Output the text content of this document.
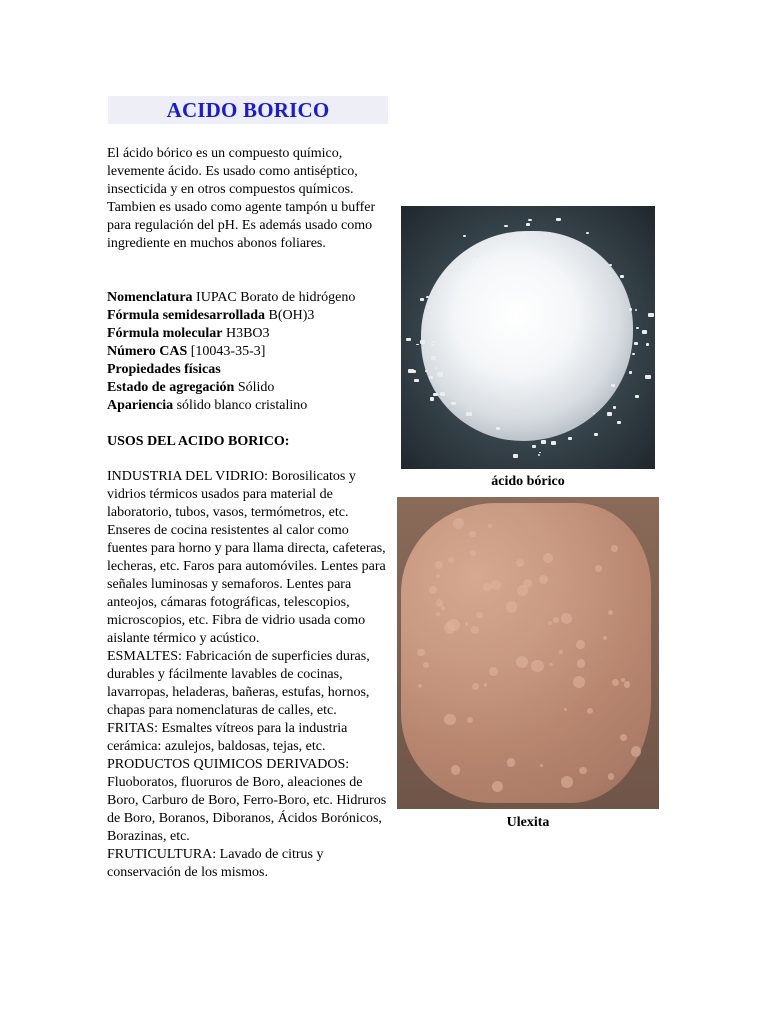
ACIDO BORICO

El ácido bórico es un compuesto químico, levemente ácido. Es usado como antiséptico, insecticida y en otros compuestos químicos. Tambien es usado como agente tampón u buffer para regulación del pH. Es además usado como ingrediente en muchos abonos foliares.

Nomenclatura IUPAC Borato de hidrógeno
Fórmula semidesarrollada B(OH)3
Fórmula molecular H3BO3
Número CAS [10043-35-3]
Propiedades físicas
Estado de agregación Sólido
Apariencia sólido blanco cristalino

USOS DEL ACIDO BORICO:

INDUSTRIA DEL VIDRIO: Borosilicatos y vidrios térmicos usados para material de laboratorio, tubos, vasos, termómetros, etc. Enseres de cocina resistentes al calor como fuentes para horno y para llama directa, cafeteras, lecheras, etc. Faros para automóviles. Lentes para señales luminosas y semaforos. Lentes para anteojos, cámaras fotográficas, telescopios, microscopios, etc. Fibra de vidrio usada como aislante térmico y acústico.
ESMALTES: Fabricación de superficies duras, durables y fácilmente lavables de cocinas, lavarropas, heladeras, bañeras, estufas, hornos, chapas para nomenclaturas de calles, etc.
FRITAS: Esmaltes vítreos para la industria cerámica: azulejos, baldosas, tejas, etc.
PRODUCTOS QUIMICOS DERIVADOS: Fluoboratos, fluoruros de Boro, aleaciones de Boro, Carburo de Boro, Ferro-Boro, etc. Hidruros de Boro, Boranos, Diboranos, Ácidos Borónicos, Borazinas, etc.
FRUTICULTURA: Lavado de citrus y conservación de los mismos.
ácido bórico
Ulexita
